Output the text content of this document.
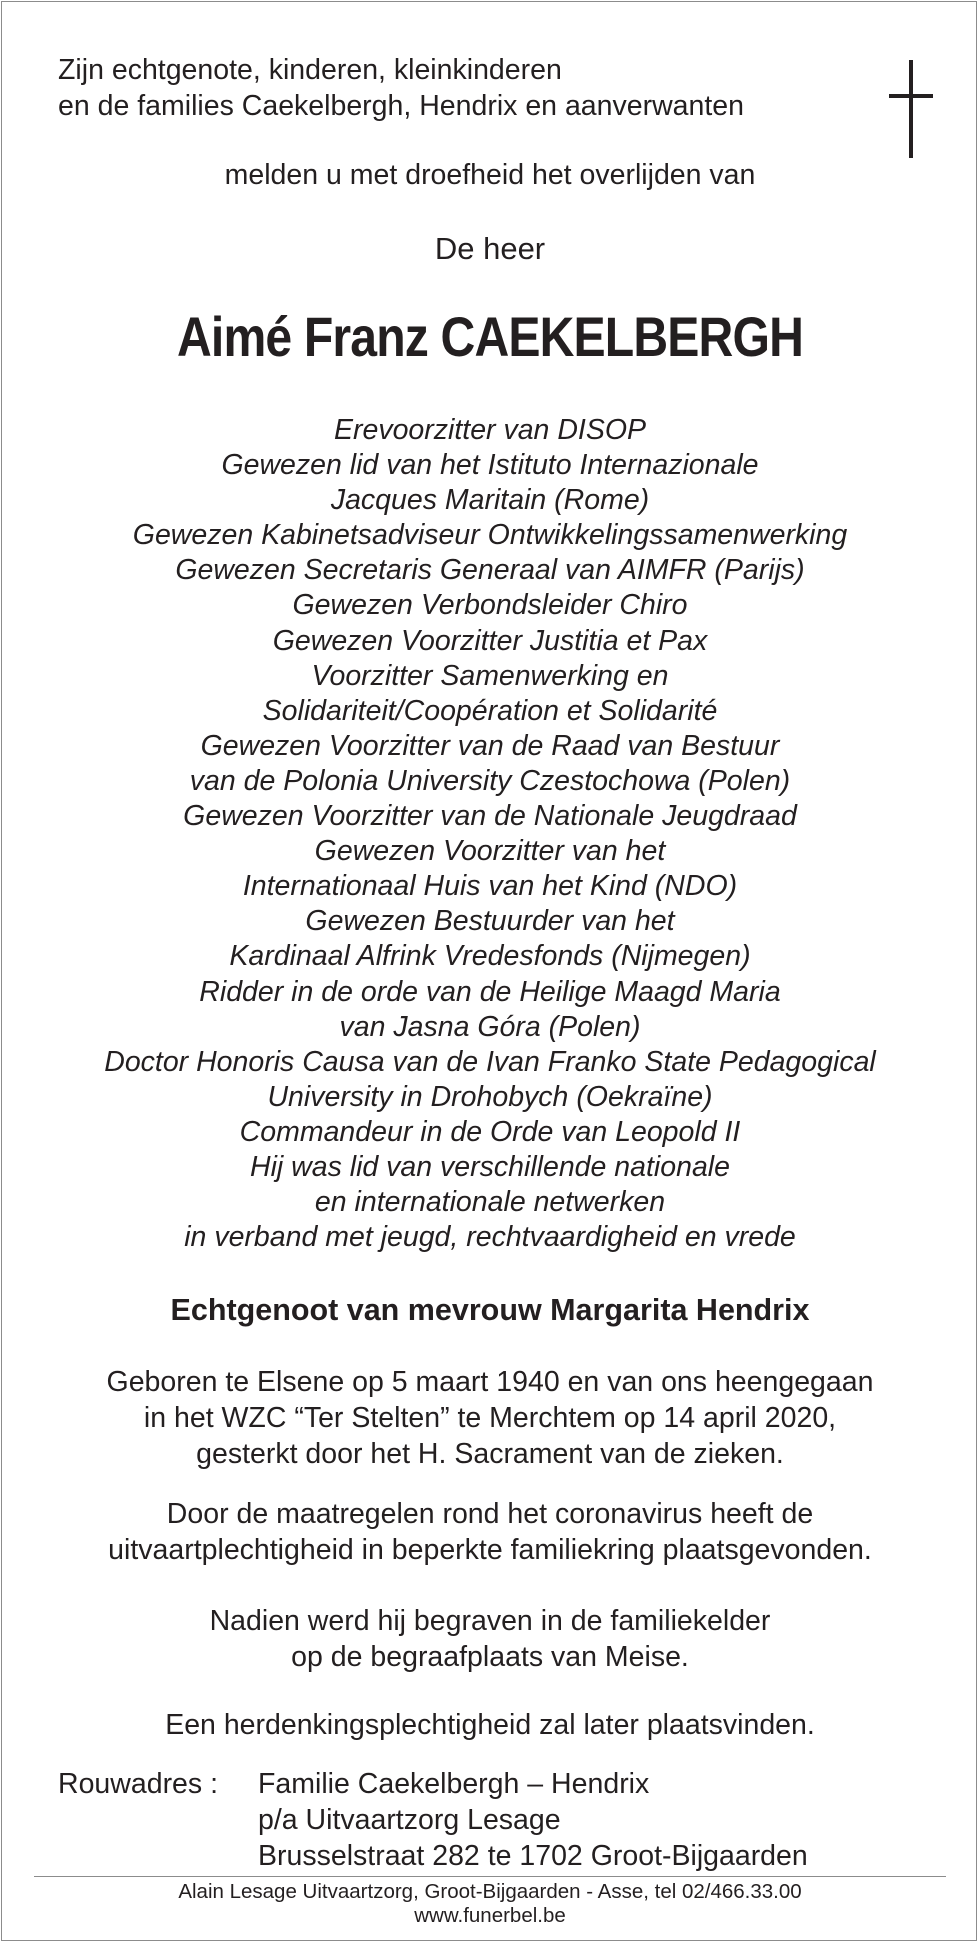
Zijn echtgenote, kinderen, kleinkinderen
en de families Caekelbergh, Hendrix en aanverwanten
melden u met droefheid het overlijden van
De heer
Aimé Franz CAEKELBERGH
Erevoorzitter van DISOP
Gewezen lid van het Istituto Internazionale
Jacques Maritain (Rome)
Gewezen Kabinetsadviseur Ontwikkelingssamenwerking
Gewezen Secretaris Generaal van AIMFR (Parijs)
Gewezen Verbondsleider Chiro
Gewezen Voorzitter Justitia et Pax
Voorzitter Samenwerking en
Solidariteit/Coopération et Solidarité
Gewezen Voorzitter van de Raad van Bestuur
van de Polonia University Czestochowa (Polen)
Gewezen Voorzitter van de Nationale Jeugdraad
Gewezen Voorzitter van het
Internationaal Huis van het Kind (NDO)
Gewezen Bestuurder van het
Kardinaal Alfrink Vredesfonds (Nijmegen)
Ridder in de orde van de Heilige Maagd Maria
van Jasna Góra (Polen)
Doctor Honoris Causa van de Ivan Franko State Pedagogical
University in Drohobych (Oekraïne)
Commandeur in de Orde van Leopold II
Hij was lid van verschillende nationale
en internationale netwerken
in verband met jeugd, rechtvaardigheid en vrede
Echtgenoot van mevrouw Margarita Hendrix
Geboren te Elsene op 5 maart 1940 en van ons heengegaan
in het WZC “Ter Stelten” te Merchtem op 14 april 2020,
gesterkt door het H. Sacrament van de zieken.
Door de maatregelen rond het coronavirus heeft de
uitvaartplechtigheid in beperkte familiekring plaatsgevonden.
Nadien werd hij begraven in de familiekelder
op de begraafplaats van Meise.
Een herdenkingsplechtigheid zal later plaatsvinden.
Rouwadres : Familie Caekelbergh – Hendrix
p/a Uitvaartzorg Lesage
Brusselstraat 282 te 1702 Groot-Bijgaarden
Alain Lesage Uitvaartzorg, Groot-Bijgaarden - Asse, tel 02/466.33.00
www.funerbel.be
